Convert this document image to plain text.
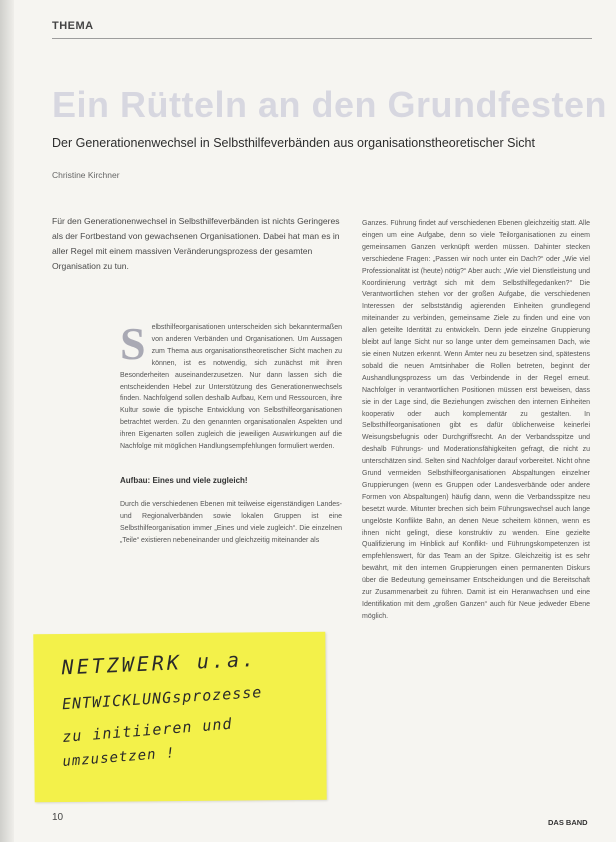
THEMA
Ein Rütteln an den Grundfesten
Der Generationenwechsel in Selbsthilfeverbänden aus organisationstheoretischer Sicht
Christine Kirchner
Für den Generationenwechsel in Selbsthilfeverbänden ist nichts Geringeres als der Fortbestand von gewachsenen Organisationen. Dabei hat man es in aller Regel mit einem massiven Veränderungsprozess der gesamten Organisation zu tun.

Selbsthilfeorganisationen unterscheiden sich bekanntermaßen von anderen Verbänden und Organisationen. Um Aussagen zum Thema aus organisationstheoretischer Sicht machen zu können, ist es notwendig, sich zunächst mit ihren Besonderheiten auseinanderzusetzen. Nur dann lassen sich die entscheidenden Hebel zur Unterstützung des Generationenwechsels finden. Nachfolgend sollen deshalb Aufbau, Kern und Ressourcen, ihre Kultur sowie die typische Entwicklung von Selbsthilfeorganisationen betrachtet werden. Zu den genannten organisationalen Aspekten und ihren Eigenarten sollen zugleich die jeweiligen Auswirkungen auf die Nachfolge mit möglichen Handlungsempfehlungen formuliert werden.

Aufbau: Eines und viele zugleich!

Durch die verschiedenen Ebenen mit teilweise eigenständigen Landes- und Regionalverbänden sowie lokalen Gruppen ist eine Selbsthilfeorganisation immer „Eines und viele zugleich“. Die einzelnen „Teile“ existieren nebeneinander und gleichzeitig miteinander als

Ganzes. Führung findet auf verschiedenen Ebenen gleichzeitig statt. Alle eingen um eine Aufgabe, denn so viele Teilorganisationen zu einem gemeinsamen Ganzen verknüpft werden müssen. Dahinter stecken verschiedene Fragen: „Passen wir noch unter ein Dach?“ oder „Wie viel Professionalität ist (heute) nötig?“ Aber auch: „Wie viel Dienstleistung und Koordinierung verträgt sich mit dem Selbsthilfegedanken?“ Die Verantwortlichen stehen vor der großen Aufgabe, die verschiedenen Interessen der selbstständig agierenden Einheiten grundlegend miteinander zu verbinden, gemeinsame Ziele zu finden und eine von allen geteilte Identität zu entwickeln. Denn jede einzelne Gruppierung bleibt auf lange Sicht nur so lange unter dem gemeinsamen Dach, wie sie einen Nutzen erkennt. Wenn Ämter neu zu besetzen sind, spätestens sobald die neuen Amtsinhaber die Rollen betreten, beginnt der Aushandlungsprozess um das Verbindende in der Regel erneut. Nachfolger in verantwortlichen Positionen müssen erst beweisen, dass sie in der Lage sind, die Beziehungen zwischen den internen Einheiten kooperativ oder auch komplementär zu gestalten. In Selbsthilfeorganisationen gibt es dafür üblicherweise keinerlei Weisungsbefugnis oder Durchgriffsrecht. An der Verbandsspitze und deshalb Führungs- und Moderationsfähigkeiten gefragt, die nicht zu unterschätzen sind. Selten sind Nachfolger darauf vorbereitet. Nicht ohne Grund vermeiden Selbsthilfeorganisationen Abspaltungen einzelner Gruppierungen (wenn es Gruppen oder Landesverbände oder andere Formen von Abspaltungen) häufig dann, wenn die Verbandsspitze neu besetzt wurde. Mitunter brechen sich beim Führungswechsel auch lange ungelöste Konflikte Bahn, an denen Neue scheitern können, wenn es ihnen nicht gelingt, diese konstruktiv zu wenden. Eine gezielte Qualifizierung im Hinblick auf Konflikt- und Führungskompetenzen ist empfehlenswert, für das Team an der Spitze. Gleichzeitig ist es sehr bewährt, mit den internen Gruppierungen einen permanenten Diskurs über die Bedeutung gemeinsamer Entscheidungen und die Bereitschaft zur Zusammenarbeit zu führen. Damit ist ein Heranwachsen und eine Identifikation mit dem „großen Ganzen“ auch für Neue jedweder Ebene möglich.

NETZWERK u.a.
ENTWICKLUNGsprozesse
zu initiieren und
umzusetzen !
10	DAS BAND
